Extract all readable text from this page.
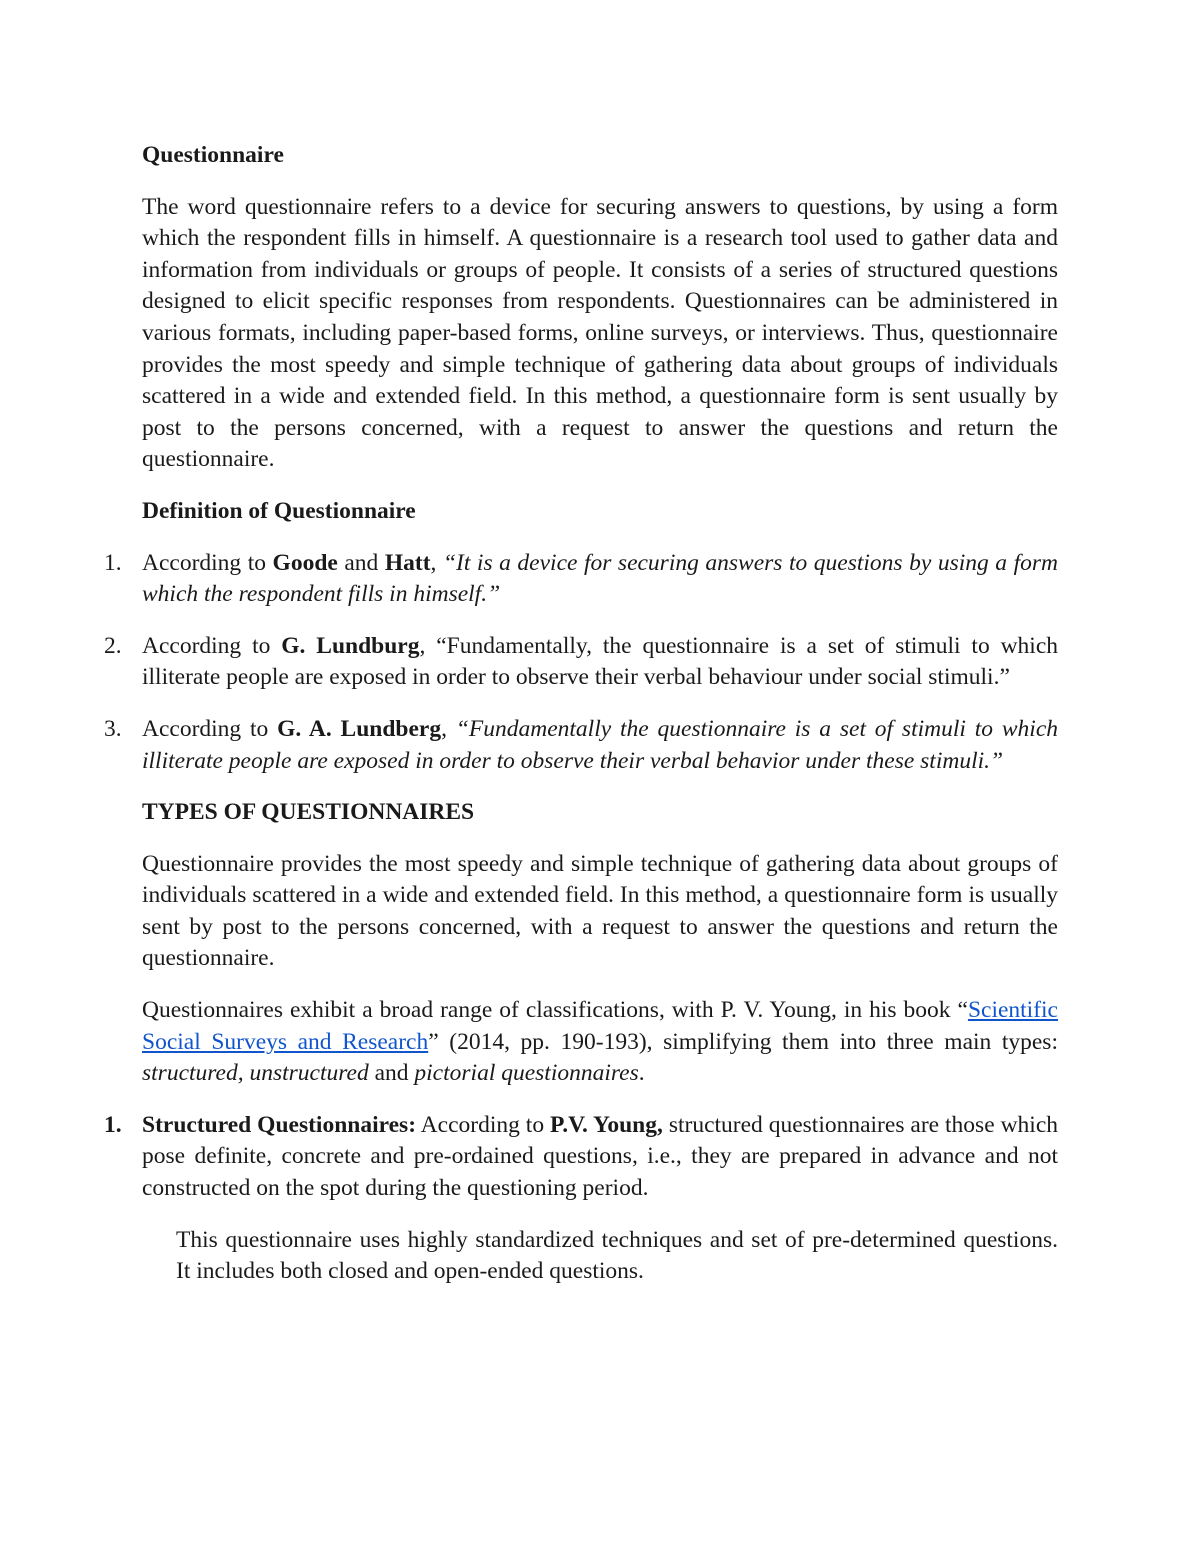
Questionnaire

The word questionnaire refers to a device for securing answers to questions, by using a form which the respondent fills in himself. A questionnaire is a research tool used to gather data and information from individuals or groups of people. It consists of a series of structured questions designed to elicit specific responses from respondents. Questionnaires can be administered in various formats, including paper-based forms, online surveys, or interviews. Thus, questionnaire provides the most speedy and simple technique of gathering data about groups of individuals scattered in a wide and extended field. In this method, a questionnaire form is sent usually by post to the persons concerned, with a request to answer the questions and return the questionnaire.

Definition of Questionnaire
1. According to Goode and Hatt, “It is a device for securing answers to questions by using a form which the respondent fills in himself.”
2. According to G. Lundburg, “Fundamentally, the questionnaire is a set of stimuli to which illiterate people are exposed in order to observe their verbal behaviour under social stimuli.”
3. According to G. A. Lundberg, “Fundamentally the questionnaire is a set of stimuli to which illiterate people are exposed in order to observe their verbal behavior under these stimuli.”
TYPES OF QUESTIONNAIRES

Questionnaire provides the most speedy and simple technique of gathering data about groups of individuals scattered in a wide and extended field. In this method, a questionnaire form is usually sent by post to the persons concerned, with a request to answer the questions and return the questionnaire.

Questionnaires exhibit a broad range of classifications, with P. V. Young, in his book “Scientific Social Surveys and Research” (2014, pp. 190-193), simplifying them into three main types: structured, unstructured and pictorial questionnaires.

1. Structured Questionnaires: According to P.V. Young, structured questionnaires are those which pose definite, concrete and pre-ordained questions, i.e., they are prepared in advance and not constructed on the spot during the questioning period.

This questionnaire uses highly standardized techniques and set of pre-determined questions. It includes both closed and open-ended questions.
